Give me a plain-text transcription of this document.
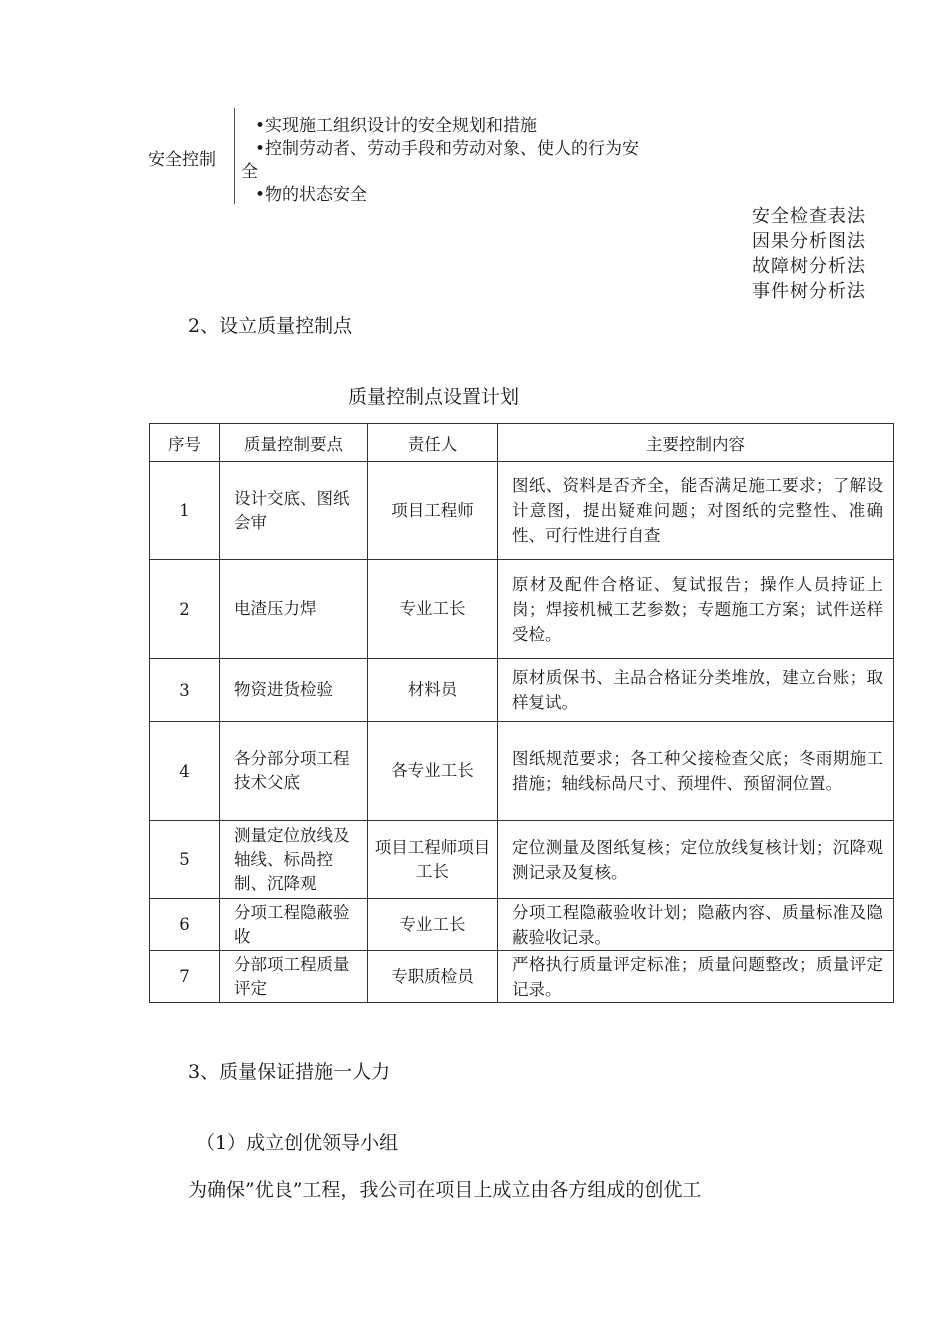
安全控制
•实现施工组织设计的安全规划和措施
•控制劳动者、劳动手段和劳动对象、使人的行为安
全
•物的状态安全
安全检查表法
因果分析图法
故障树分析法
事件树分析法
2、设立质量控制点
质量控制点设置计划
序号	质量控制要点	责任人	主要控制内容
1	设计交底、图纸会审	项目工程师	图纸、资料是否齐全，能否满足施工要求；了解设计意图，提出疑难问题；对图纸的完整性、准确性、可行性进行自查
2	电渣压力焊	专业工长	原材及配件合格证、复试报告；操作人员持证上岗；焊接机械工艺参数；专题施工方案；试件送样受检。
3	物资进货检验	材料员	原材质保书、主品合格证分类堆放，建立台账；取样复试。
4	各分部分项工程技术父底	各专业工长	图纸规范要求；各工种父接检查父底；冬雨期施工措施；轴线标咼尺寸、预埋件、预留洞位置。
5	测量定位放线及轴线、标咼控制、沉降观	项目工程师项目工长	定位测量及图纸复核；定位放线复核计划；沉降观测记录及复核。
6	分项工程隐蔽验收	专业工长	分项工程隐蔽验收计划；隐蔽内容、质量标准及隐蔽验收记录。
7	分部项工程质量评定	专职质检员	严格执行质量评定标准；质量问题整改；质量评定记录。
3、质量保证措施一人力
（1）成立创优领导小组
为确保”优良”工程，我公司在项目上成立由各方组成的创优工
